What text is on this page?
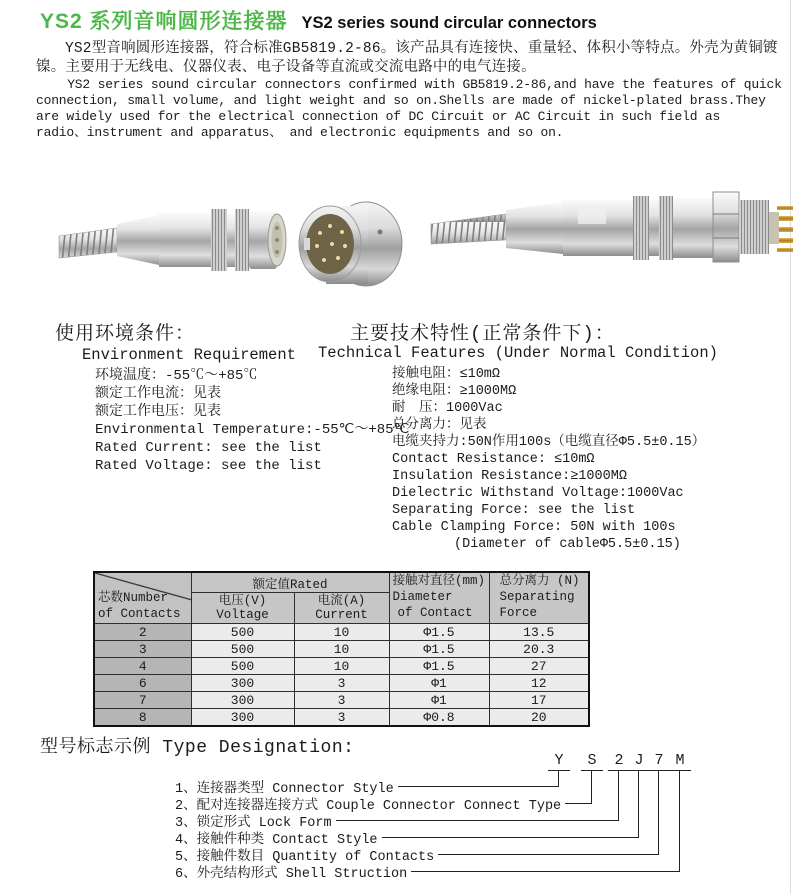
YS2 系列音响圆形连接器 YS2 series sound circular connectors
YS2型音响圆形连接器，符合标准GB5819.2-86。该产品具有连接快、重量轻、体积小等特点。外壳为黄铜镀
镍。主要用于无线电、仪器仪表、电子设备等直流或交流电路中的电气连接。
YS2 series sound circular connectors confirmed with GB5819.2-86,and have the features of quick
connection, small volume, and light weight and so on.Shells are made of nickel-plated brass.They
are widely used for the electrical connection of DC Circuit or AC Circuit in such field as
radio、instrument and apparatus、 and electronic equipments and so on.
使用环境条件：
Environment Requirement
环境温度：-55℃～+85℃
额定工作电流：见表
额定工作电压：见表
Environmental Temperature:-55℃～+85℃
Rated Current: see the list
Rated Voltage: see the list
主要技术特性(正常条件下)：
Technical Features (Under Normal Condition)
接触电阻：≤10mΩ
绝缘电阻：≥1000MΩ
耐　压：1000Vac
总分离力：见表
电缆夹持力:50N作用100s（电缆直径Φ5.5±0.15）
Contact Resistance: ≤10mΩ
Insulation Resistance:≥1000MΩ
Dielectric Withstand Voltage:1000Vac
Separating Force: see the list
Cable Clamping Force: 50N with 100s
(Diameter of cableΦ5.5±0.15)
芯数Number
of Contacts	额定值Rated		接触对直径(mm)
Diameter
of Contact	总分离力 (N)
Separating
Force

	电压(V)
Voltage	电流(A)
Current		

2	500	10	Φ1.5	13.5
3	500	10	Φ1.5	20.3
4	500	10	Φ1.5	27
6	300	3	Φ1	12
7	300	3	Φ1	17
8	300	3	Φ0.8	20
型号标志示例 Type Designation:
Y S 2 J 7 M
1、连接器类型 Connector Style
2、配对连接器连接方式 Couple Connector Connect Type
3、锁定形式 Lock Form
4、接触件种类 Contact Style
5、接触件数目 Quantity of Contacts
6、外壳结构形式 Shell Struction
